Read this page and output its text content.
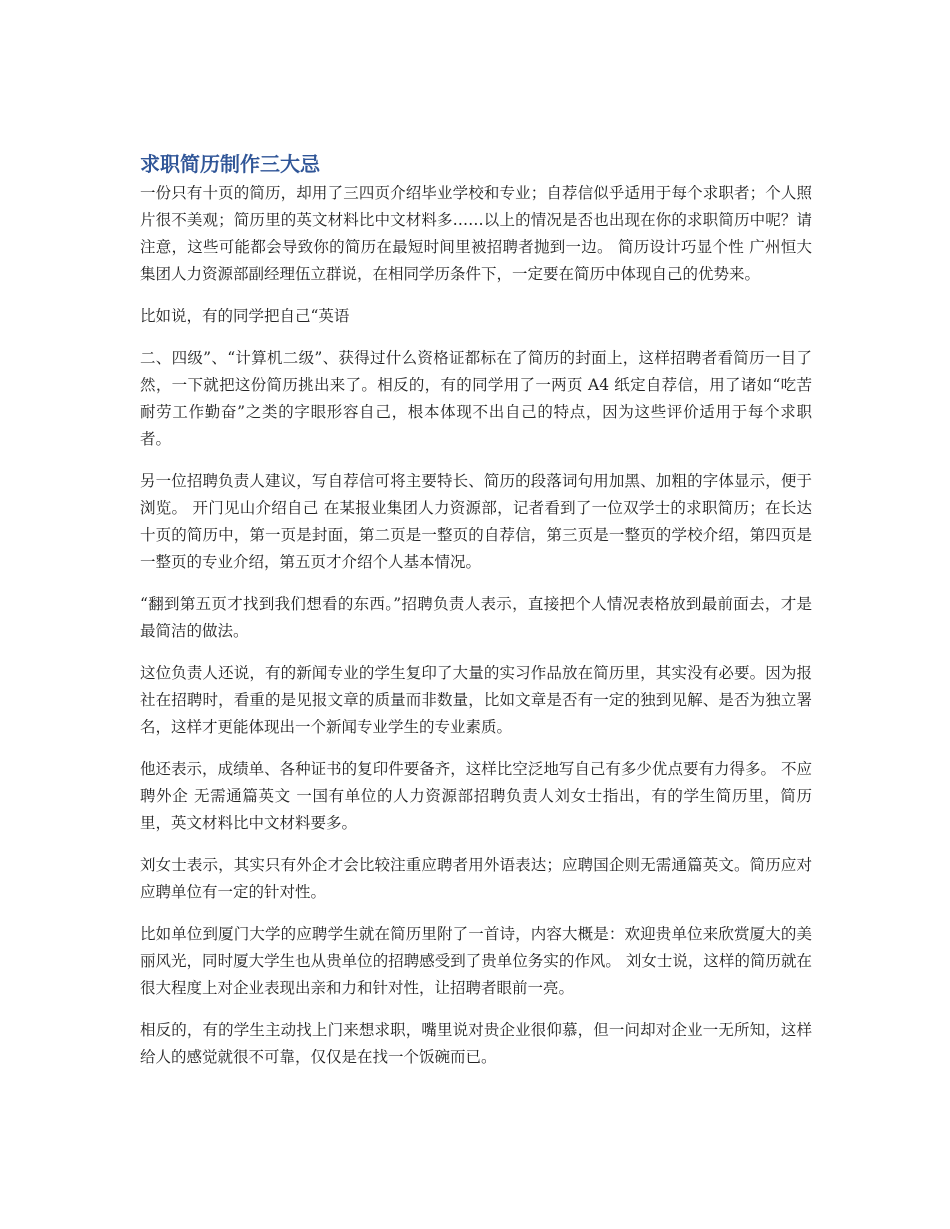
求职简历制作三大忌

一份只有十页的简历，却用了三四页介绍毕业学校和专业；自荐信似乎适用于每个求职者；个人照片很不美观；简历里的英文材料比中文材料多……以上的情况是否也出现在你的求职简历中呢？请注意，这些可能都会导致你的简历在最短时间里被招聘者抛到一边。 简历设计巧显个性 广州恒大集团人力资源部副经理伍立群说，在相同学历条件下，一定要在简历中体现自己的优势来。

比如说，有的同学把自己“英语

二、四级”、“计算机二级”、获得过什么资格证都标在了简历的封面上，这样招聘者看简历一目了然，一下就把这份简历挑出来了。相反的，有的同学用了一两页 A4 纸定自荐信，用了诸如“吃苦耐劳工作勤奋”之类的字眼形容自己，根本体现不出自己的特点，因为这些评价适用于每个求职者。

另一位招聘负责人建议，写自荐信可将主要特长、简历的段落词句用加黑、加粗的字体显示，便于浏览。 开门见山介绍自己 在某报业集团人力资源部，记者看到了一位双学士的求职简历；在长达十页的简历中，第一页是封面，第二页是一整页的自荐信，第三页是一整页的学校介绍，第四页是一整页的专业介绍，第五页才介绍个人基本情况。

“翻到第五页才找到我们想看的东西。”招聘负责人表示，直接把个人情况表格放到最前面去，才是最简洁的做法。

这位负责人还说，有的新闻专业的学生复印了大量的实习作品放在简历里，其实没有必要。因为报社在招聘时，看重的是见报文章的质量而非数量，比如文章是否有一定的独到见解、是否为独立署名，这样才更能体现出一个新闻专业学生的专业素质。

他还表示，成绩单、各种证书的复印件要备齐，这样比空泛地写自己有多少优点要有力得多。 不应聘外企 无需通篇英文 一国有单位的人力资源部招聘负责人刘女士指出，有的学生简历里，简历里，英文材料比中文材料要多。

刘女士表示，其实只有外企才会比较注重应聘者用外语表达；应聘国企则无需通篇英文。简历应对应聘单位有一定的针对性。

比如单位到厦门大学的应聘学生就在简历里附了一首诗，内容大概是：欢迎贵单位来欣赏厦大的美丽风光，同时厦大学生也从贵单位的招聘感受到了贵单位务实的作风。 刘女士说，这样的简历就在很大程度上对企业表现出亲和力和针对性，让招聘者眼前一亮。

相反的，有的学生主动找上门来想求职，嘴里说对贵企业很仰慕，但一问却对企业一无所知，这样给人的感觉就很不可靠，仅仅是在找一个饭碗而已。
